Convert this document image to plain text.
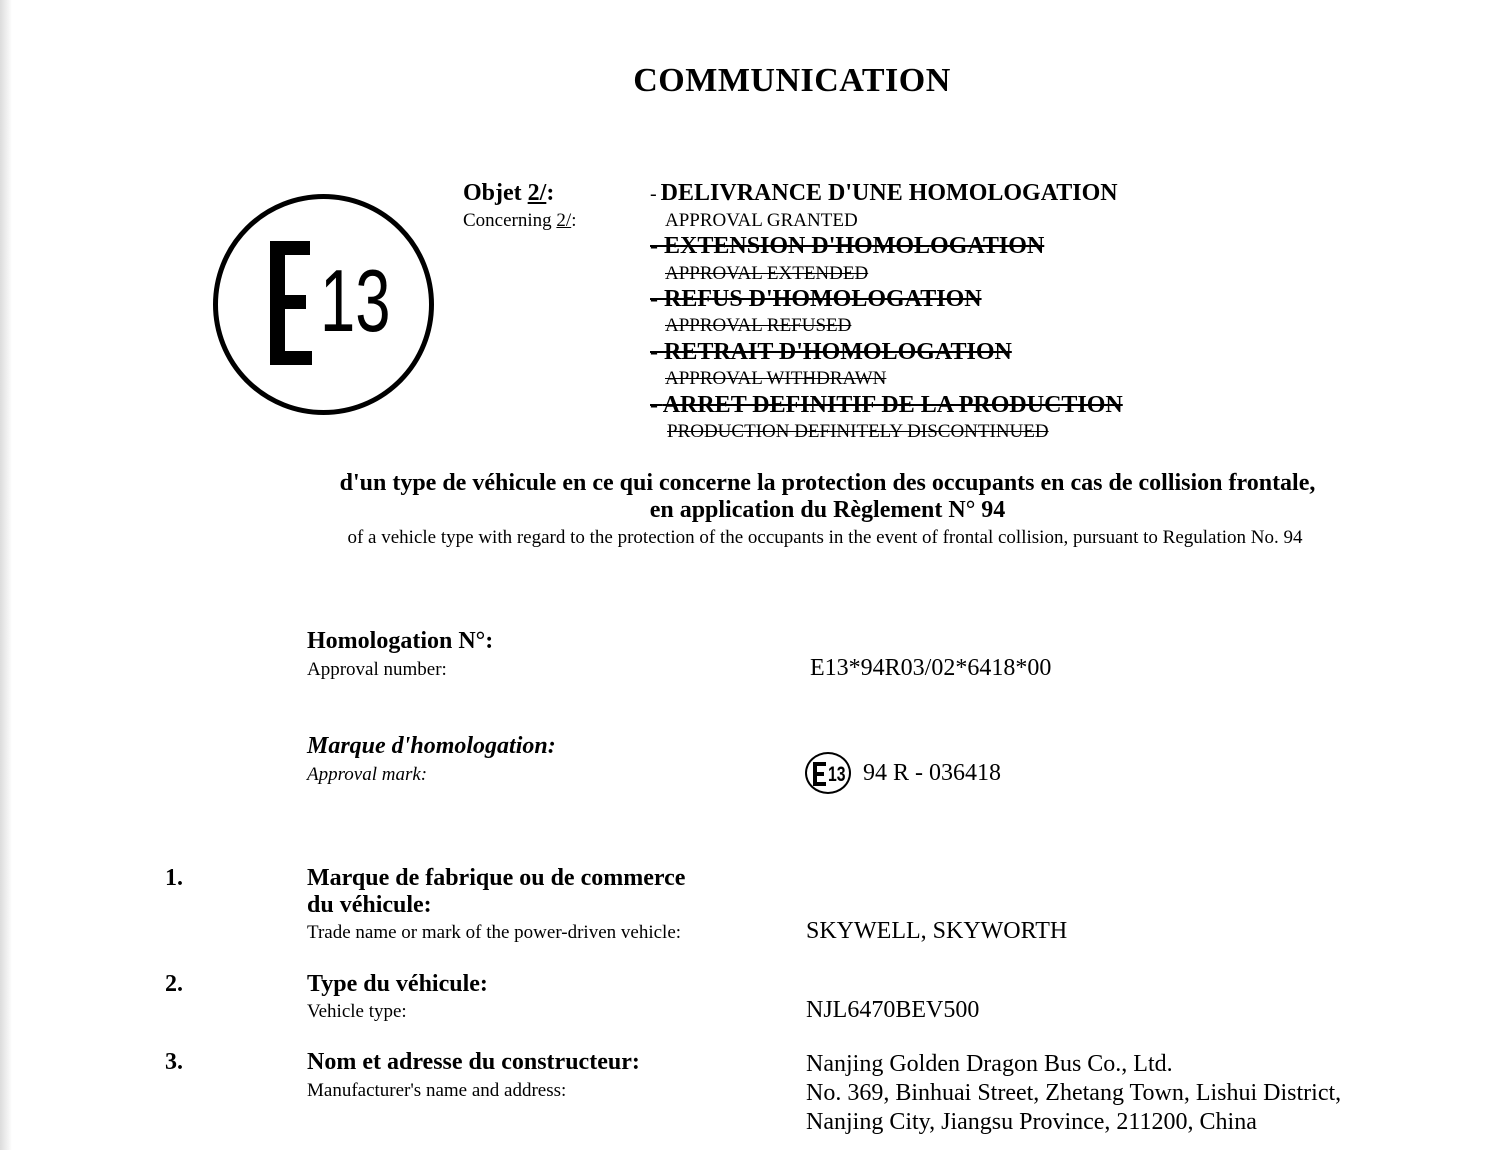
COMMUNICATION
13
Objet 2/:
Concerning 2/:
- DELIVRANCE D'UNE HOMOLOGATION
APPROVAL GRANTED
- EXTENSION D'HOMOLOGATION
APPROVAL EXTENDED
- REFUS D'HOMOLOGATION
APPROVAL REFUSED
- RETRAIT D'HOMOLOGATION
APPROVAL WITHDRAWN
- ARRET DEFINITIF DE LA PRODUCTION
PRODUCTION DEFINITELY DISCONTINUED
d'un type de véhicule en ce qui concerne la protection des occupants en cas de collision frontale,
en application du Règlement N° 94
of a vehicle type with regard to the protection of the occupants in the event of frontal collision, pursuant to Regulation No. 94
Homologation N°:
Approval number:	E13*94R03/02*6418*00
Marque d'homologation:
Approval mark:	13 94 R - 036418
1.	Marque de fabrique ou de commerce
du véhicule:
Trade name or mark of the power-driven vehicle:	SKYWELL, SKYWORTH
2.	Type du véhicule:
Vehicle type:	NJL6470BEV500
3.	Nom et adresse du constructeur:
Manufacturer's name and address:
Nanjing Golden Dragon Bus Co., Ltd.
No. 369, Binhuai Street, Zhetang Town, Lishui District,
Nanjing City, Jiangsu Province, 211200, China
